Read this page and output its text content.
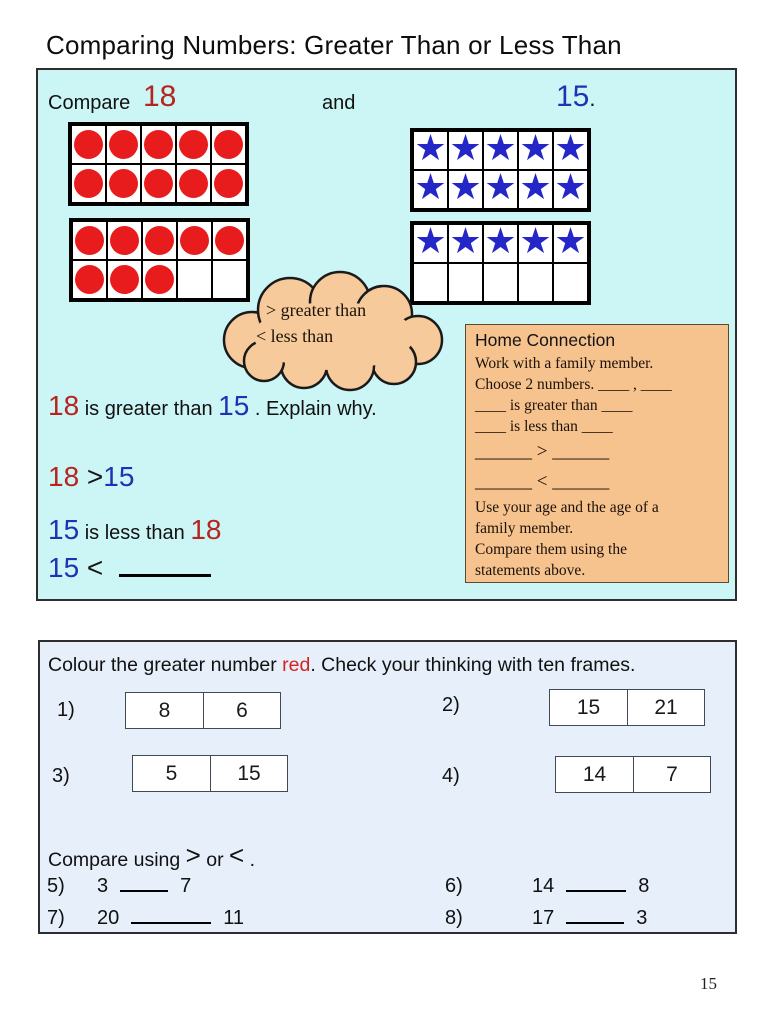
Comparing Numbers: Greater Than or Less Than
Compare 18	and	15.
★ ★ ★ ★ ★
★ ★ ★ ★ ★
★ ★ ★ ★ ★
> greater than
< less than
18 is greater than 15 . Explain why.
18 >15
15 is less than 18
15 <
Home Connection
Work with a family member.
Choose 2 numbers. ____ , ____
____ is greater than ____
____ is less than ____
______ > ______
______ < ______
Use your age and the age of a
family member.
Compare them using the
statements above.
Colour the greater number red. Check your thinking with ten frames.
1)	8	6	2)	15	21
3)	5	15	4)	14	7
Compare using > or < .
5) 3	7	6)	14	8
7) 20	11	8)	17	3
15
